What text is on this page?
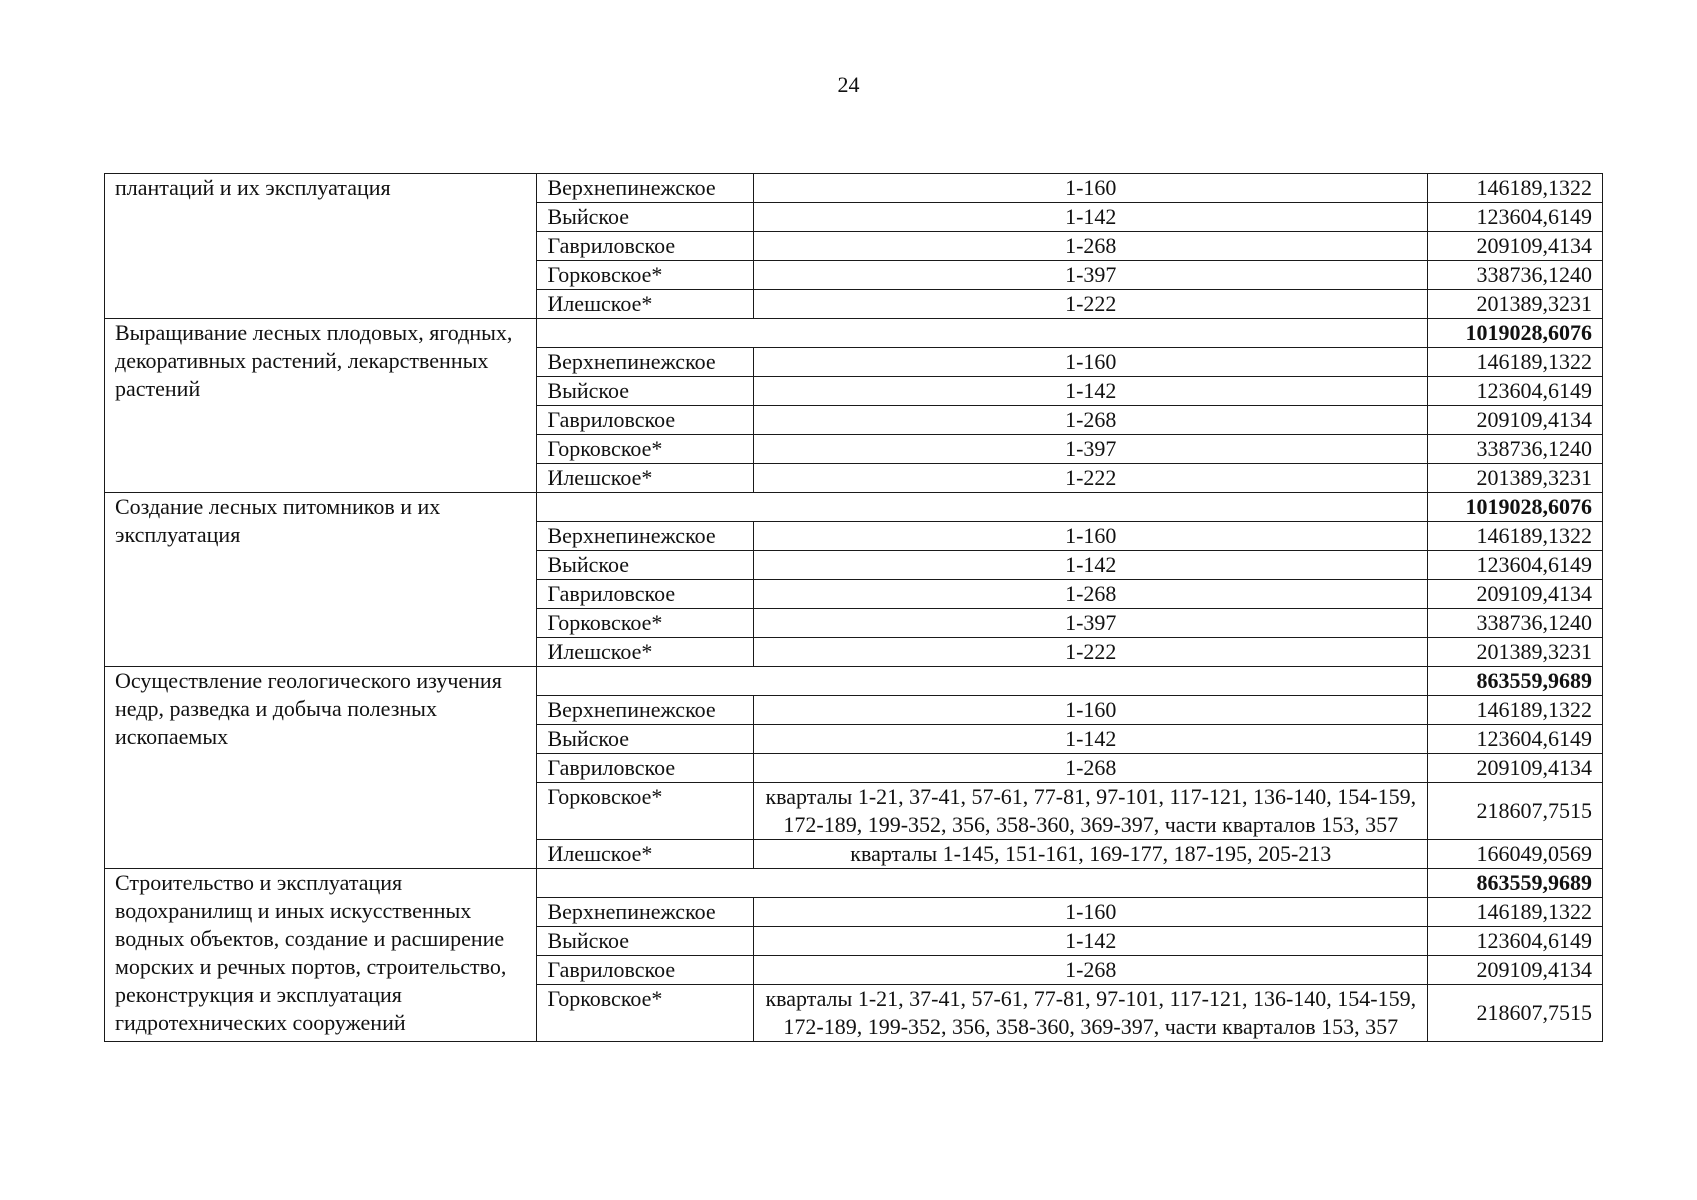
24
плантаций и их эксплуатация	Верхнепинежское	1-160	146189,1322
	Выйское	1-142	123604,6149
	Гавриловское	1-268	209109,4134
	Горковское*	1-397	338736,1240
	Илешское*	1-222	201389,3231
Выращивание лесных плодовых, ягодных, декоративных растений, лекарственных растений			1019028,6076
	Верхнепинежское	1-160	146189,1322
	Выйское	1-142	123604,6149
	Гавриловское	1-268	209109,4134
	Горковское*	1-397	338736,1240
	Илешское*	1-222	201389,3231
Создание лесных питомников и их эксплуатация			1019028,6076
	Верхнепинежское	1-160	146189,1322
	Выйское	1-142	123604,6149
	Гавриловское	1-268	209109,4134
	Горковское*	1-397	338736,1240
	Илешское*	1-222	201389,3231
Осуществление геологического изучения недр, разведка и добыча полезных ископаемых			863559,9689
	Верхнепинежское	1-160	146189,1322
	Выйское	1-142	123604,6149
	Гавриловское	1-268	209109,4134
	Горковское*	кварталы 1-21, 37-41, 57-61, 77-81, 97-101, 117-121, 136-140, 154-159, 172-189, 199-352, 356, 358-360, 369-397, части кварталов 153, 357	218607,7515
	Илешское*	кварталы 1-145, 151-161, 169-177, 187-195, 205-213	166049,0569
Строительство и эксплуатация водохранилищ и иных искусственных водных объектов, создание и расширение морских и речных портов, строительство, реконструкция и эксплуатация гидротехнических сооружений			863559,9689
	Верхнепинежское	1-160	146189,1322
	Выйское	1-142	123604,6149
	Гавриловское	1-268	209109,4134
	Горковское*	кварталы 1-21, 37-41, 57-61, 77-81, 97-101, 117-121, 136-140, 154-159, 172-189, 199-352, 356, 358-360, 369-397, части кварталов 153, 357	218607,7515
